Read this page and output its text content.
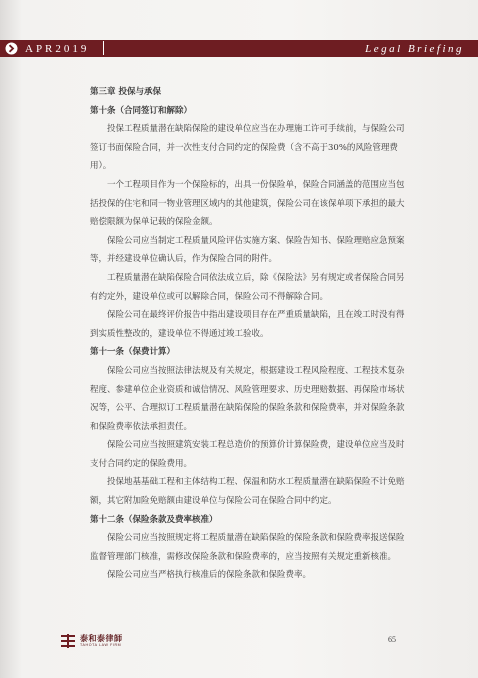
APR2019	Legal Briefing

第三章 投保与承保

第十条（合同签订和解除）

投保工程质量潜在缺陷保险的建设单位应当在办理施工许可手续前，与保险公司签订书面保险合同，并一次性支付合同约定的保险费（含不高于30%的风险管理费用）。

一个工程项目作为一个保险标的，出具一份保险单，保险合同涵盖的范围应当包括投保的住宅和同一物业管理区域内的其他建筑，保险公司在该保单项下承担的最大赔偿限额为保单记载的保险金额。

保险公司应当制定工程质量风险评估实施方案、保险告知书、保险理赔应急预案等，并经建设单位确认后，作为保险合同的附件。

工程质量潜在缺陷保险合同依法成立后，除《保险法》另有规定或者保险合同另有约定外，建设单位或可以解除合同，保险公司不得解除合同。

保险公司在最终评价报告中指出建设项目存在严重质量缺陷，且在竣工时没有得到实质性整改的，建设单位不得通过竣工验收。

第十一条（保费计算）

保险公司应当按照法律法规及有关规定，根据建设工程风险程度、工程技术复杂程度、参建单位企业资质和诚信情况、风险管理要求、历史理赔数据、再保险市场状况等，公平、合理拟订工程质量潜在缺陷保险的保险条款和保险费率，并对保险条款和保险费率依法承担责任。

保险公司应当按照建筑安装工程总造价的预算价计算保险费，建设单位应当及时支付合同约定的保险费用。

投保地基基础工程和主体结构工程、保温和防水工程质量潜在缺陷保险不计免赔额，其它附加险免赔额由建设单位与保险公司在保险合同中约定。

第十二条（保险条款及费率核准）

保险公司应当按照规定将工程质量潜在缺陷保险的保险条款和保险费率报送保险监督管理部门核准，需修改保险条款和保险费率的，应当按照有关规定重新核准。

保险公司应当严格执行核准后的保险条款和保险费率。

泰和泰律師
TAHOTA LAW FIRM
65
